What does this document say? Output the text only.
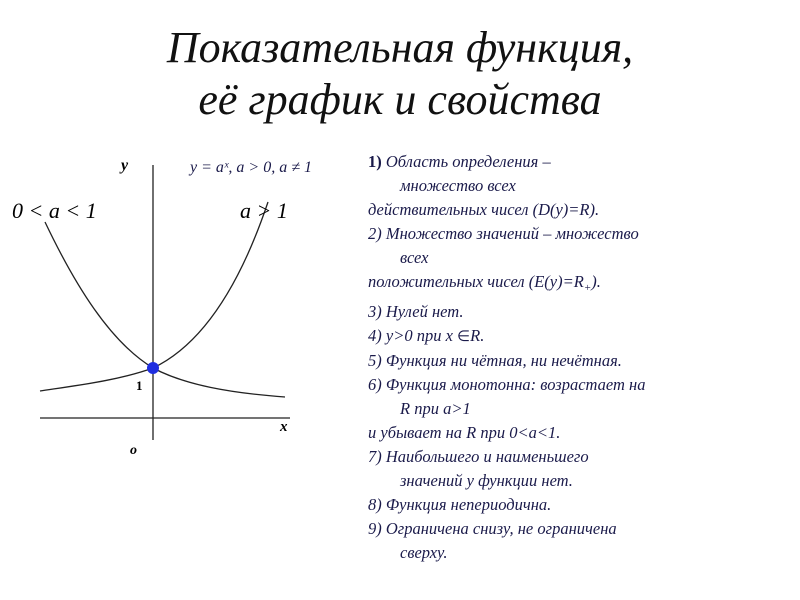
Показательная функция,
её график и свойства
y
x
o
1
y = aˣ, a > 0, a ≠ 1
0 < a < 1	a > 1
1) Область определения –
множество всех
действительных чисел (D(y)=R).
2) Множество значений – множество
всех
положительных чисел $(E(y)=R_+)$.
3) Нулей нет.
4) y>0 при x ∈R.
5) Функция ни чётная, ни нечётная.
6) Функция монотонна: возрастает на
R при a>1
и убывает на R при 0<a<1.
7) Наибольшего и наименьшего
значений у функции нет.
8) Функция непериодична.
9) Ограничена снизу, не ограничена
сверху.
